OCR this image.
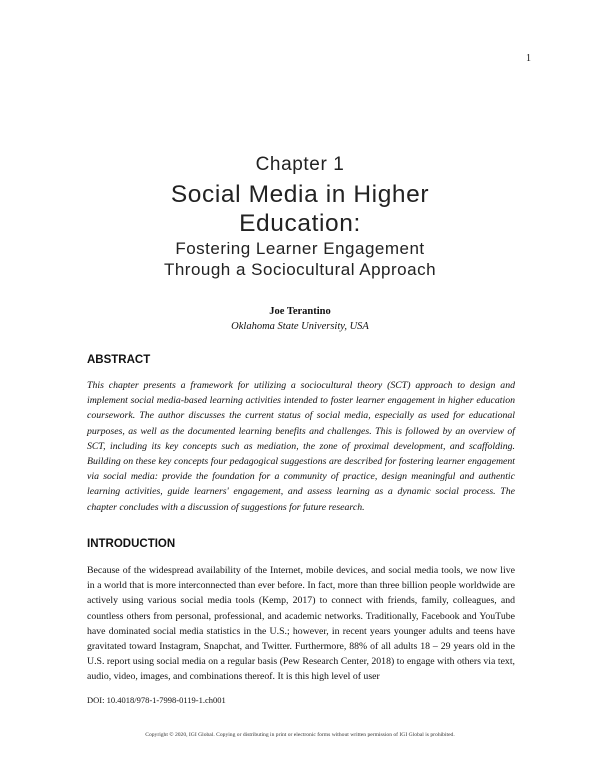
1
Chapter 1
Social Media in Higher
Education:
Fostering Learner Engagement
Through a Sociocultural Approach
Joe Terantino
Oklahoma State University, USA
ABSTRACT
This chapter presents a framework for utilizing a sociocultural theory (SCT) approach to design and implement social media-based learning activities intended to foster learner engagement in higher education coursework. The author discusses the current status of social media, especially as used for educational purposes, as well as the documented learning benefits and challenges. This is followed by an overview of SCT, including its key concepts such as mediation, the zone of proximal development, and scaffolding. Building on these key concepts four pedagogical suggestions are described for fostering learner engagement via social media: provide the foundation for a community of practice, design meaningful and authentic learning activities, guide learners' engagement, and assess learning as a dynamic social process. The chapter concludes with a discussion of suggestions for future research.
INTRODUCTION
Because of the widespread availability of the Internet, mobile devices, and social media tools, we now live in a world that is more interconnected than ever before. In fact, more than three billion people worldwide are actively using various social media tools (Kemp, 2017) to connect with friends, family, colleagues, and countless others from personal, professional, and academic networks. Traditionally, Facebook and YouTube have dominated social media statistics in the U.S.; however, in recent years younger adults and teens have gravitated toward Instagram, Snapchat, and Twitter. Furthermore, 88% of all adults 18 – 29 years old in the U.S. report using social media on a regular basis (Pew Research Center, 2018) to engage with others via text, audio, video, images, and combinations thereof. It is this high level of user
DOI: 10.4018/978-1-7998-0119-1.ch001
Copyright © 2020, IGI Global. Copying or distributing in print or electronic forms without written permission of IGI Global is prohibited.
